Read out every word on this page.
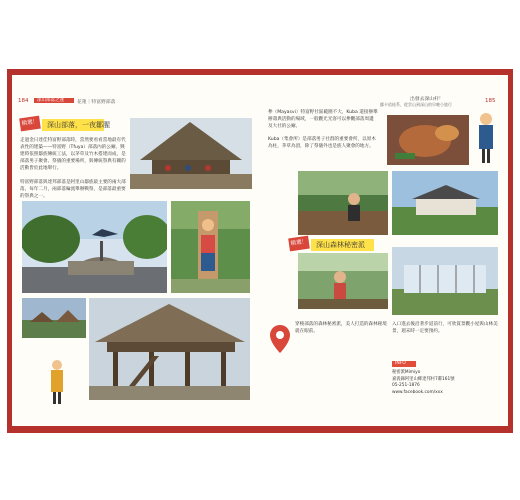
184	深山部落之逢	花蓮｜特富野部落
精選！	深山部落，一夜鄒腥
走過金日達佳特富野部落時，當然要看看當地最有代表性的建築——特富野（Tfuya）部落內的公廨，興建時依照鄒族傳統工法，以茅草及竹木搭建而成，是部落男子聚會、祭儀的重要場所，與傳統祭典有關的活動皆於此地舉行。
特富野部落與達邦部落是阿里山鄒族最主要的兩大部落，每年二月，兩部落輪流舉辦戰祭，是部落最重要的祭典之一。
出發去深山杆！
鄒卡依桂系，從雲山到深山的早晚小旅行
185
參（Mayasvi）特富野社區範圍不大，Kuba 還接辦舉辦壽典活動的場域，一般觀光光客可以參觀部落周邊及大社的公廨。
Kuba（集會所）是部落男子社群的重要會所，以原木為柱，茅草為頂，除了祭儀外也是族人聚會的地方。
精選！	深山森林秘密派
穿梭部落的森林秘密派，美人打造的森林秘境就在眼前。
入口進去後沿著步道前行，可欣賞景觀小屋與山林美景，週末時一定要預約。
INFO
秘密派Mimiyo
嘉義縣阿里山鄉達邦村7鄰161號
05-251-1876
www.facebook.com/xxx
